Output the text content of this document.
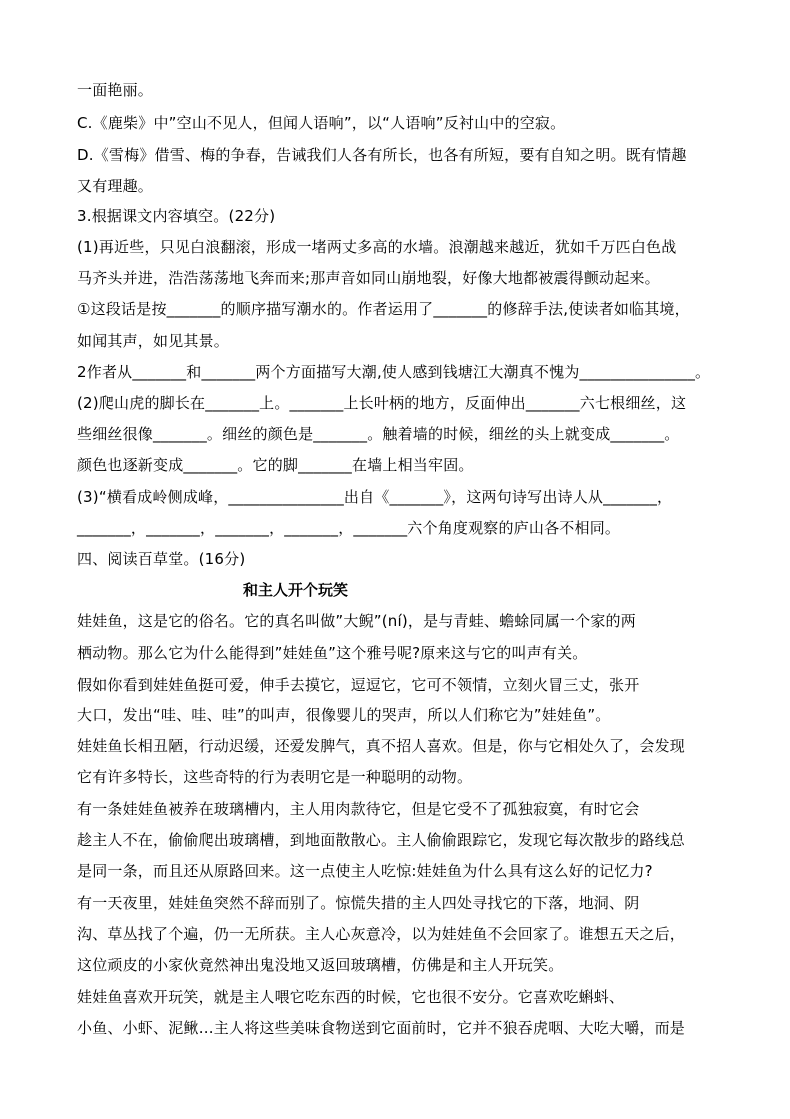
一面艳丽。
C.《鹿柴》中”空山不见人，但闻人语响”，以“人语响”反衬山中的空寂。
D.《雪梅》借雪、梅的争春，告诫我们人各有所长，也各有所短，要有自知之明。既有情趣
又有理趣。
3.根据课文内容填空。(22分)
(1)再近些，只见白浪翻滚，形成一堵两丈多高的水墙。浪潮越来越近，犹如千万匹白色战
马齐头并进，浩浩荡荡地飞奔而来;那声音如同山崩地裂，好像大地都被震得颤动起来。
①这段话是按_______的顺序描写潮水的。作者运用了_______的修辞手法,使读者如临其境，
如闻其声，如见其景。
2作者从_______和_______两个方面描写大潮,使人感到钱塘江大潮真不愧为_______________。
(2)爬山虎的脚长在_______上。_______上长叶柄的地方，反面伸出_______六七根细丝，这
些细丝很像_______。细丝的颜色是_______。触着墙的时候，细丝的头上就变成_______。
颜色也逐新变成_______。它的脚_______在墙上相当牢固。
(3)“横看成岭侧成峰，_______________出自《_______》，这两句诗写出诗人从_______，
_______，_______，_______，_______，_______六个角度观察的庐山各不相同。
四、阅读百草堂。(16分)
和主人开个玩笑
娃娃鱼，这是它的俗名。它的真名叫做”大鲵”(ní)，是与青蛙、蟾蜍同属一个家的两
栖动物。那么它为什么能得到”娃娃鱼”这个雅号呢?原来这与它的叫声有关。
假如你看到娃娃鱼挺可爱，伸手去摸它，逗逗它，它可不领情，立刻火冒三丈，张开
大口，发出“哇、哇、哇”的叫声，很像婴儿的哭声，所以人们称它为”娃娃鱼”。
娃娃鱼长相丑陋，行动迟缓，还爱发脾气，真不招人喜欢。但是，你与它相处久了，会发现
它有许多特长，这些奇特的行为表明它是一种聪明的动物。
有一条娃娃鱼被养在玻璃槽内，主人用肉款待它，但是它受不了孤独寂寞，有时它会
趁主人不在，偷偷爬出玻璃槽，到地面散散心。主人偷偷跟踪它，发现它每次散步的路线总
是同一条，而且还从原路回来。这一点使主人吃惊:娃娃鱼为什么具有这么好的记忆力?
有一天夜里，娃娃鱼突然不辞而别了。惊慌失措的主人四处寻找它的下落，地洞、阴
沟、草丛找了个遍，仍一无所获。主人心灰意冷，以为娃娃鱼不会回家了。谁想五天之后，
这位顽皮的小家伙竟然神出鬼没地又返回玻璃槽，仿佛是和主人开玩笑。
娃娃鱼喜欢开玩笑，就是主人喂它吃东西的时候，它也很不安分。它喜欢吃蝌蚪、
小鱼、小虾、泥鳅…主人将这些美味食物送到它面前时，它并不狼吞虎咽、大吃大嚼，而是
